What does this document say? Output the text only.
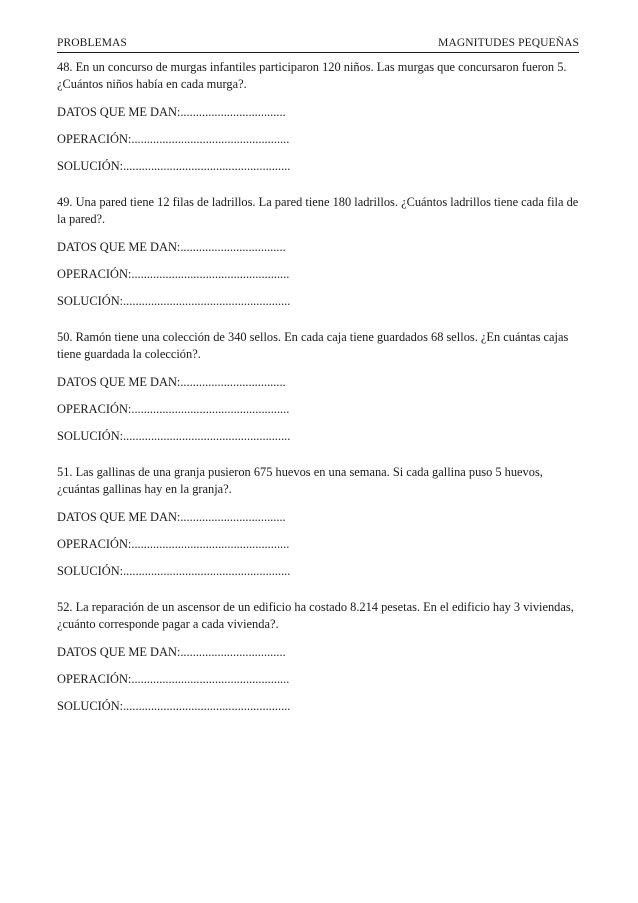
PROBLEMAS	MAGNITUDES PEQUEÑAS

48. En un concurso de murgas infantiles participaron 120 niños. Las murgas que concursaron fueron 5. ¿Cuántos niños había en cada murga?.

DATOS QUE ME DAN:..................................

OPERACIÓN:...................................................

SOLUCIÓN:......................................................

49. Una pared tiene 12 filas de ladrillos. La pared tiene 180 ladrillos. ¿Cuántos ladrillos tiene cada fila de la pared?.

DATOS QUE ME DAN:..................................

OPERACIÓN:...................................................

SOLUCIÓN:......................................................

50. Ramón tiene una colección de 340 sellos. En cada caja tiene guardados 68 sellos. ¿En cuántas cajas tiene guardada la colección?.

DATOS QUE ME DAN:..................................

OPERACIÓN:...................................................

SOLUCIÓN:......................................................

51. Las gallinas de una granja pusieron 675 huevos en una semana. Si cada gallina puso 5 huevos, ¿cuántas gallinas hay en la granja?.

DATOS QUE ME DAN:..................................

OPERACIÓN:...................................................

SOLUCIÓN:......................................................

52. La reparación de un ascensor de un edificio ha costado 8.214 pesetas. En el edificio hay 3 viviendas, ¿cuánto corresponde pagar a cada vivienda?.

DATOS QUE ME DAN:..................................

OPERACIÓN:...................................................

SOLUCIÓN:......................................................
